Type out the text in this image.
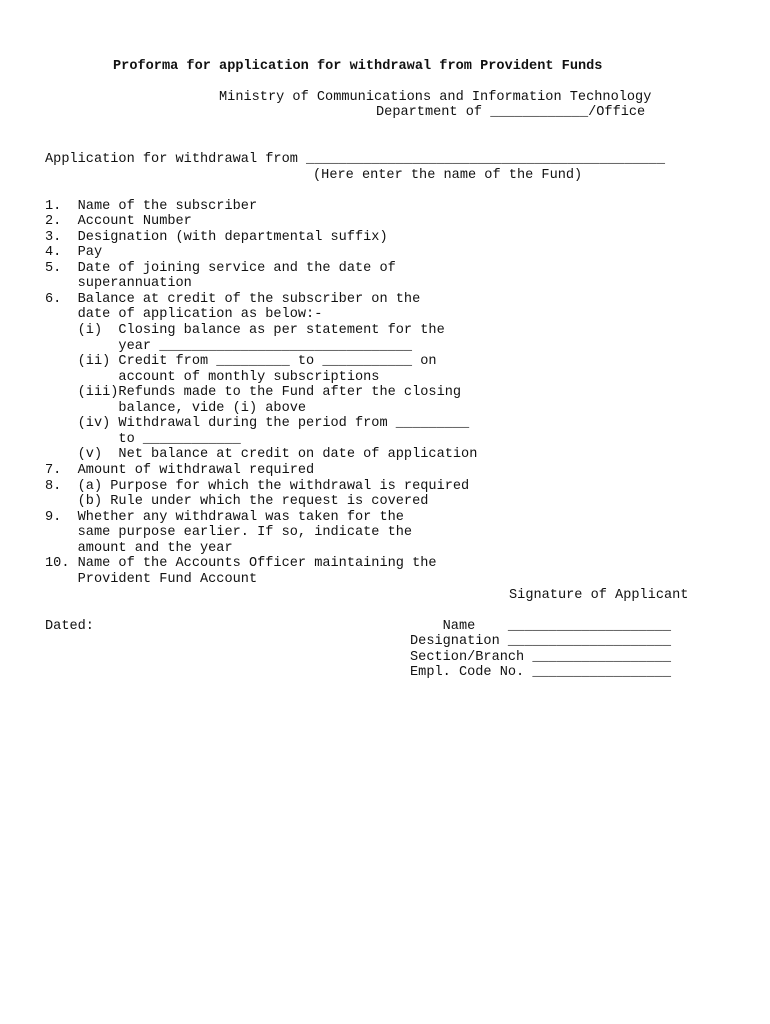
Proforma for application for withdrawal from Provident Funds
Ministry of Communications and Information Technology
Department of ____________/Office
Application for withdrawal from ____________________________________________
(Here enter the name of the Fund)
1.  Name of the subscriber
2.  Account Number
3.  Designation (with departmental suffix)
4.  Pay
5.  Date of joining service and the date of
superannuation
6.  Balance at credit of the subscriber on the
date of application as below:-
(i)  Closing balance as per statement for the
year _______________________________
(ii) Credit from _________ to ___________ on
account of monthly subscriptions
(iii)Refunds made to the Fund after the closing
balance, vide (i) above
(iv) Withdrawal during the period from _________
to ____________
(v)  Net balance at credit on date of application
7.  Amount of withdrawal required
8.  (a) Purpose for which the withdrawal is required
(b) Rule under which the request is covered
9.  Whether any withdrawal was taken for the
same purpose earlier. If so, indicate the
amount and the year
10. Name of the Accounts Officer maintaining the
Provident Fund Account
Signature of Applicant
Dated:	Name    ____________________
Designation ____________________
Section/Branch _________________
Empl. Code No. _________________
